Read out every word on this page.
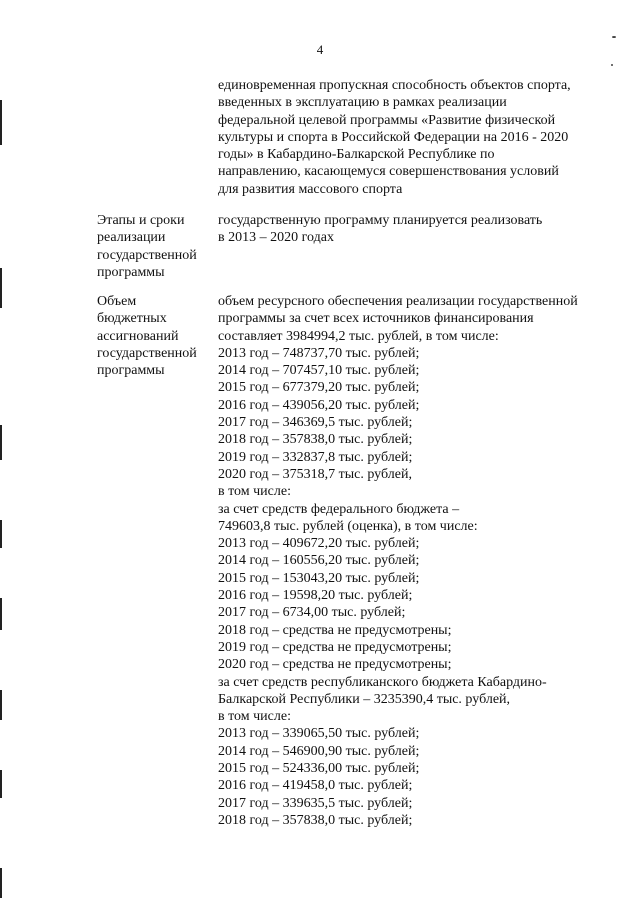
4
единовременная пропускная способность объектов спорта,
введенных в эксплуатацию в рамках реализации
федеральной целевой программы «Развитие физической
культуры и спорта в Российской Федерации на 2016 - 2020
годы» в Кабардино-Балкарской Республике по
направлению, касающемуся совершенствования условий
для развития массового спорта
Этапы и сроки
реализации
государственной
программы
государственную программу планируется реализовать
в 2013 – 2020 годах
Объем
бюджетных
ассигнований
государственной
программы
объем ресурсного обеспечения реализации государственной
программы за счет всех источников финансирования
составляет 3984994,2 тыс. рублей, в том числе:
2013 год – 748737,70 тыс. рублей;
2014 год – 707457,10 тыс. рублей;
2015 год – 677379,20 тыс. рублей;
2016 год – 439056,20 тыс. рублей;
2017 год – 346369,5 тыс. рублей;
2018 год – 357838,0 тыс. рублей;
2019 год – 332837,8 тыс. рублей;
2020 год – 375318,7 тыс. рублей,
в том числе:
за счет средств федерального бюджета –
749603,8 тыс. рублей (оценка), в том числе:
2013 год – 409672,20 тыс. рублей;
2014 год – 160556,20 тыс. рублей;
2015 год – 153043,20 тыс. рублей;
2016 год – 19598,20 тыс. рублей;
2017 год – 6734,00 тыс. рублей;
2018 год – средства не предусмотрены;
2019 год – средства не предусмотрены;
2020 год – средства не предусмотрены;
за счет средств республиканского бюджета Кабардино-
Балкарской Республики – 3235390,4 тыс. рублей,
в том числе:
2013 год – 339065,50 тыс. рублей;
2014 год – 546900,90 тыс. рублей;
2015 год – 524336,00 тыс. рублей;
2016 год – 419458,0 тыс. рублей;
2017 год – 339635,5 тыс. рублей;
2018 год – 357838,0 тыс. рублей;
